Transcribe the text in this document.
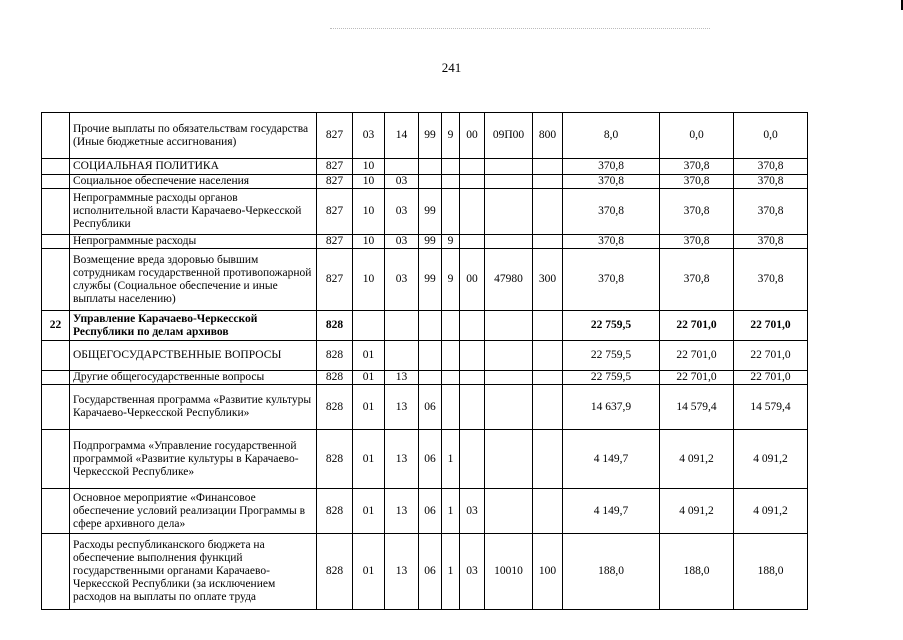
241
	Прочие выплаты по обязательствам государства (Иные бюджетные ассигнования)	827	03	14	99	9	00	09П00	800	8,0	0,0	0,0
	СОЦИАЛЬНАЯ ПОЛИТИКА	827	10							370,8	370,8	370,8
	Социальное обеспечение населения	827	10	03						370,8	370,8	370,8
	Непрограммные расходы органов исполнительной власти Карачаево-Черкесской Республики	827	10	03	99					370,8	370,8	370,8
	Непрограммные расходы	827	10	03	99	9				370,8	370,8	370,8
	Возмещение вреда здоровью бывшим сотрудникам государственной противопожарной службы (Социальное обеспечение и иные выплаты населению)	827	10	03	99	9	00	47980	300	370,8	370,8	370,8
22	Управление Карачаево-Черкесской Республики по делам архивов	828								22 759,5	22 701,0	22 701,0
	ОБЩЕГОСУДАРСТВЕННЫЕ ВОПРОСЫ	828	01							22 759,5	22 701,0	22 701,0
	Другие общегосударственные вопросы	828	01	13						22 759,5	22 701,0	22 701,0
	Государственная программа «Развитие культуры Карачаево-Черкесской Республики»	828	01	13	06					14 637,9	14 579,4	14 579,4
	Подпрограмма «Управление государственной программой «Развитие культуры в Карачаево-Черкесской Республике»	828	01	13	06	1				4 149,7	4 091,2	4 091,2
	Основное мероприятие «Финансовое обеспечение условий реализации Программы в сфере архивного дела»	828	01	13	06	1	03			4 149,7	4 091,2	4 091,2
	Расходы республиканского бюджета на обеспечение выполнения функций государственными органами Карачаево-Черкесской Республики (за исключением расходов на выплаты по оплате труда	828	01	13	06	1	03	10010	100	188,0	188,0	188,0
